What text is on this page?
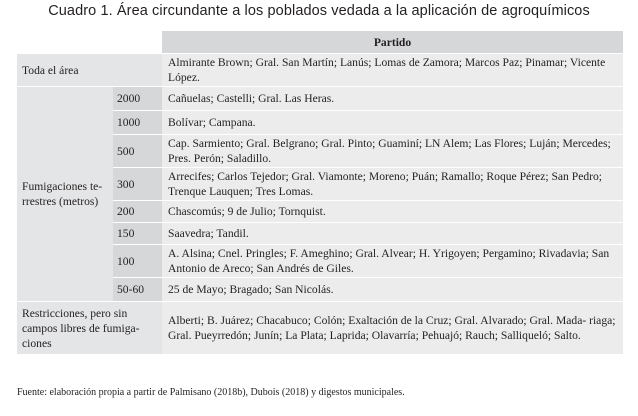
Cuadro 1. Área circundante a los poblados vedada a la aplicación de agroquímicos
		Partido
Toda el área		Almirante Brown; Gral. San Martín; Lanús; Lomas de Zamora; Marcos Paz; Pinamar; Vicente López.
Fumigaciones te- rrestres (metros)	2000	Cañuelas; Castelli; Gral. Las Heras.
	1000	Bolívar; Campana.
	500	Cap. Sarmiento; Gral. Belgrano; Gral. Pinto; Guaminí; LN Alem; Las Flores; Luján; Mercedes; Pres. Perón; Saladillo.
	300	Arrecifes; Carlos Tejedor; Gral. Viamonte; Moreno; Puán; Ramallo; Roque Pérez; San Pedro; Trenque Lauquen; Tres Lomas.
	200	Chascomús; 9 de Julio; Tornquist.
	150	Saavedra; Tandil.
	100	A. Alsina; Cnel. Pringles; F. Ameghino; Gral. Alvear; H. Yrigoyen; Pergamino; Rivadavia; San Antonio de Areco; San Andrés de Giles.
	50-60	25 de Mayo; Bragado; San Nicolás.
Restricciones, pero sin campos libres de fumiga- ciones		Alberti; B. Juárez; Chacabuco; Colón; Exaltación de la Cruz; Gral. Alvarado; Gral. Mada- riaga; Gral. Pueyrredón; Junín; La Plata; Laprida; Olavarría; Pehuajó; Rauch; Salliqueló; Salto.
Fuente: elaboración propia a partir de Palmisano (2018b), Dubois (2018) y digestos municipales.
